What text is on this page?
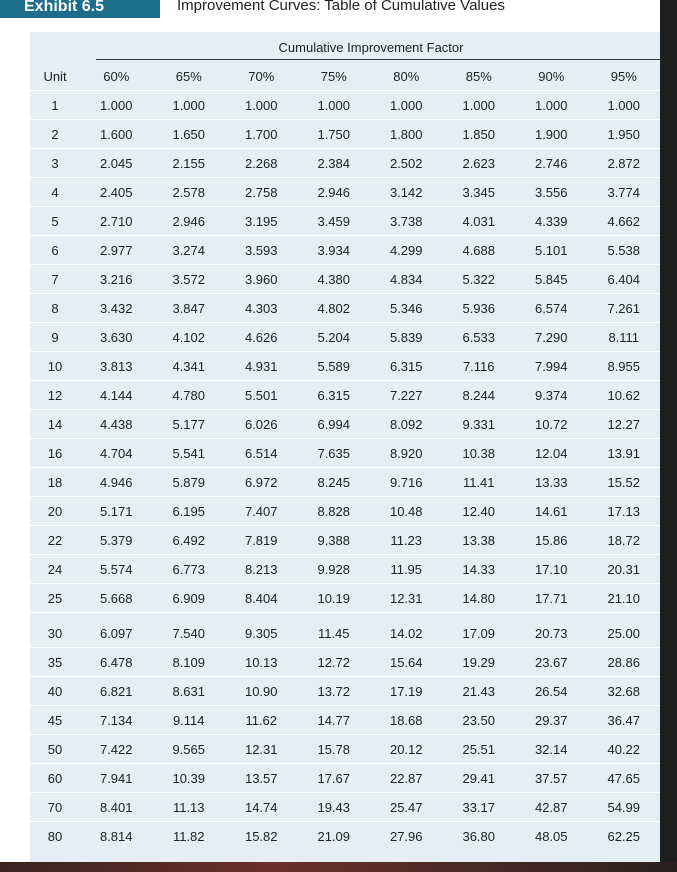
Exhibit 6.5	Improvement Curves: Table of Cumulative Values
Cumulative Improvement Factor
Unit	60%	65%	70%	75%	80%	85%	90%	95%
1	1.000	1.000	1.000	1.000	1.000	1.000	1.000	1.000
2	1.600	1.650	1.700	1.750	1.800	1.850	1.900	1.950
3	2.045	2.155	2.268	2.384	2.502	2.623	2.746	2.872
4	2.405	2.578	2.758	2.946	3.142	3.345	3.556	3.774
5	2.710	2.946	3.195	3.459	3.738	4.031	4.339	4.662
6	2.977	3.274	3.593	3.934	4.299	4.688	5.101	5.538
7	3.216	3.572	3.960	4.380	4.834	5.322	5.845	6.404
8	3.432	3.847	4.303	4.802	5.346	5.936	6.574	7.261
9	3.630	4.102	4.626	5.204	5.839	6.533	7.290	8.111
10	3.813	4.341	4.931	5.589	6.315	7.116	7.994	8.955
12	4.144	4.780	5.501	6.315	7.227	8.244	9.374	10.62
14	4.438	5.177	6.026	6.994	8.092	9.331	10.72	12.27
16	4.704	5.541	6.514	7.635	8.920	10.38	12.04	13.91
18	4.946	5.879	6.972	8.245	9.716	11.41	13.33	15.52
20	5.171	6.195	7.407	8.828	10.48	12.40	14.61	17.13
22	5.379	6.492	7.819	9.388	11.23	13.38	15.86	18.72
24	5.574	6.773	8.213	9.928	11.95	14.33	17.10	20.31
25	5.668	6.909	8.404	10.19	12.31	14.80	17.71	21.10
30	6.097	7.540	9.305	11.45	14.02	17.09	20.73	25.00
35	6.478	8.109	10.13	12.72	15.64	19.29	23.67	28.86
40	6.821	8.631	10.90	13.72	17.19	21.43	26.54	32.68
45	7.134	9.114	11.62	14.77	18.68	23.50	29.37	36.47
50	7.422	9.565	12.31	15.78	20.12	25.51	32.14	40.22
60	7.941	10.39	13.57	17.67	22.87	29.41	37.57	47.65
70	8.401	11.13	14.74	19.43	25.47	33.17	42.87	54.99
80	8.814	11.82	15.82	21.09	27.96	36.80	48.05	62.25
